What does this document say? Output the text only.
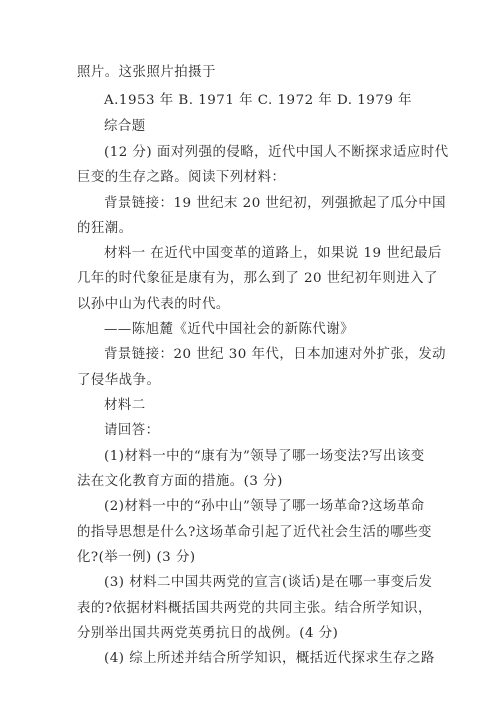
照片。这张照片拍摄于
A.1953 年 B. 1971 年 C. 1972 年 D. 1979 年
综合题
(12 分) 面对列强的侵略，近代中国人不断探求适应时代
巨变的生存之路。阅读下列材料：
背景链接：19 世纪末 20 世纪初，列强掀起了瓜分中国
的狂潮。
材料一 在近代中国变革的道路上，如果说 19 世纪最后
几年的时代象征是康有为，那么到了 20 世纪初年则进入了
以孙中山为代表的时代。
——陈旭麓《近代中国社会的新陈代谢》
背景链接：20 世纪 30 年代，日本加速对外扩张，发动
了侵华战争。
材料二
请回答：
(1)材料一中的“康有为”领导了哪一场变法?写出该变
法在文化教育方面的措施。(3 分)
(2)材料一中的“孙中山”领导了哪一场革命?这场革命
的指导思想是什么?这场革命引起了近代社会生活的哪些变
化?(举一例) (3 分)
(3) 材料二中国共两党的宣言(谈话)是在哪一事变后发
表的?依据材料概括国共两党的共同主张。结合所学知识，
分别举出国共两党英勇抗日的战例。(4 分)
(4) 综上所述并结合所学知识，概括近代探求生存之路
